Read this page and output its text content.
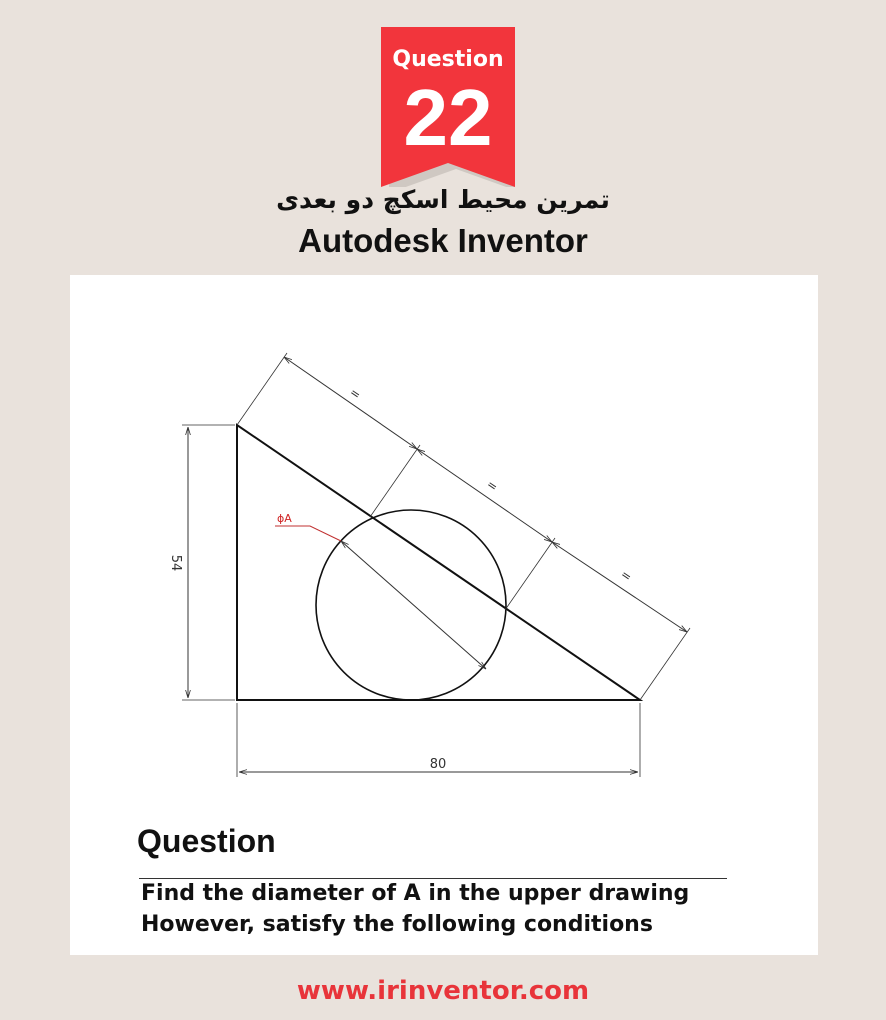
Question
22
تمرین محیط اسکچ دو بعدی
Autodesk Inventor
ϕA
54
80
=
=
=
Question
Find the diameter of A in the upper drawing
However, satisfy the following conditions
www.irinventor.com
